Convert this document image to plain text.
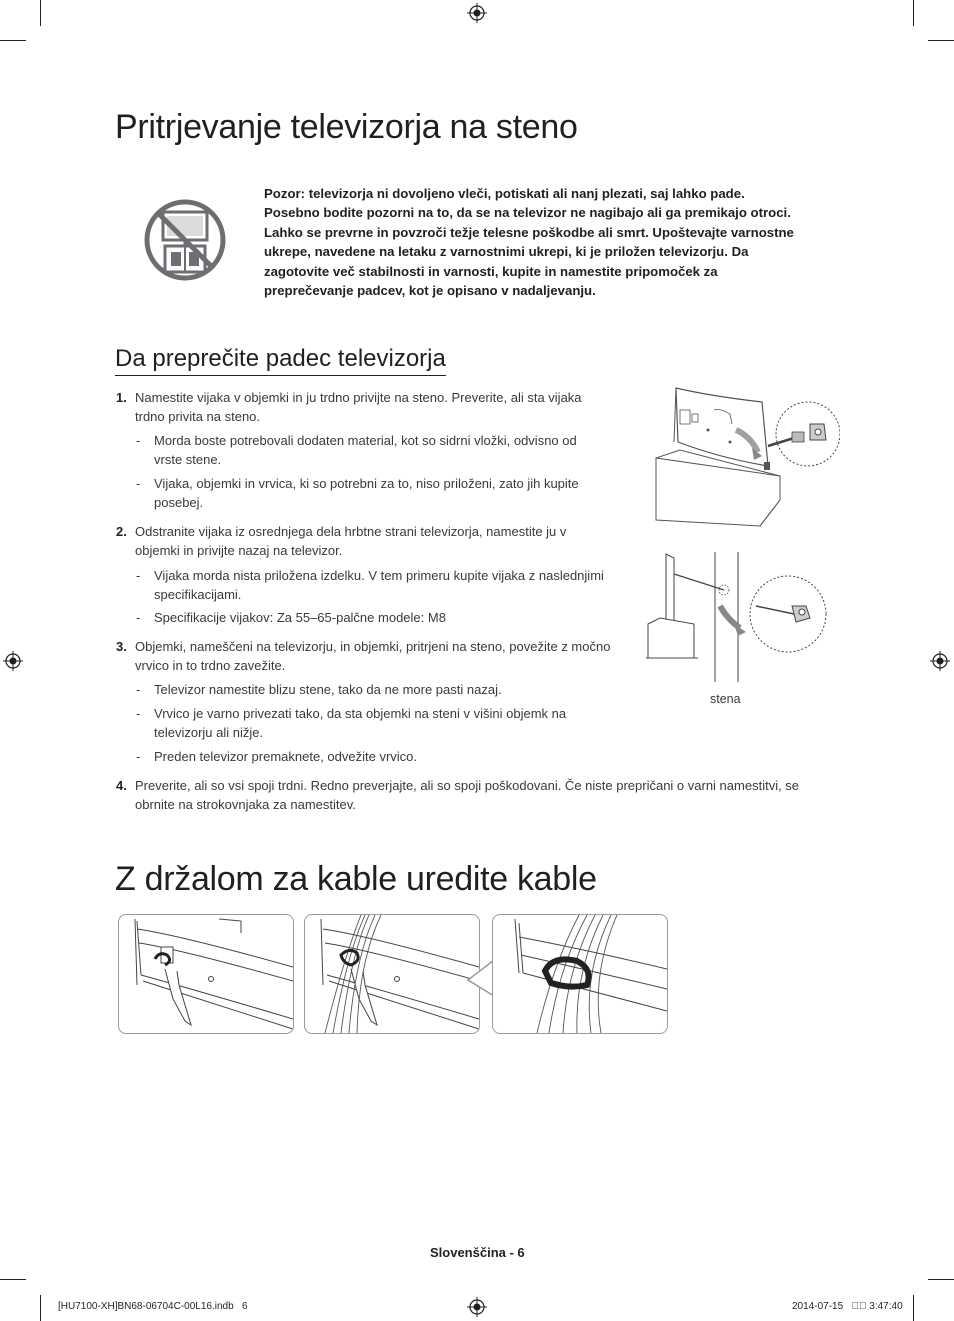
Pritrjevanje televizorja na steno
Pozor: televizorja ni dovoljeno vleči, potiskati ali nanj plezati, saj lahko pade. Posebno bodite pozorni na to, da se na televizor ne nagibajo ali ga premikajo otroci. Lahko se prevrne in povzroči težje telesne poškodbe ali smrt. Upoštevajte varnostne ukrepe, navedene na letaku z varnostnimi ukrepi, ki je priložen televizorju. Da zagotovite več stabilnosti in varnosti, kupite in namestite pripomoček za preprečevanje padcev, kot je opisano v nadaljevanju.
Da preprečite padec televizorja
1. Namestite vijaka v objemki in ju trdno privijte na steno. Preverite, ali sta vijaka trdno privita na steno.
- Morda boste potrebovali dodaten material, kot so sidrni vložki, odvisno od vrste stene.
- Vijaka, objemki in vrvica, ki so potrebni za to, niso priloženi, zato jih kupite posebej.
2. Odstranite vijaka iz osrednjega dela hrbtne strani televizorja, namestite ju v objemki in privijte nazaj na televizor.
- Vijaka morda nista priložena izdelku. V tem primeru kupite vijaka z naslednjimi specifikacijami.
- Specifikacije vijakov: Za 55–65-palčne modele: M8
3. Objemki, nameščeni na televizorju, in objemki, pritrjeni na steno, povežite z močno vrvico in to trdno zavežite.
- Televizor namestite blizu stene, tako da ne more pasti nazaj.
- Vrvico je varno privezati tako, da sta objemki na steni v višini objemk na televizorju ali nižje.
- Preden televizor premaknete, odvežite vrvico.
4. Preverite, ali so vsi spoji trdni. Redno preverjajte, ali so spoji poškodovani. Če niste prepričani o varni namestitvi, se obrnite na strokovnjaka za namestitev.
stena
Z držalom za kable uredite kable
Slovenščina - 6
[HU7100-XH]BN68-06704C-00L16.indb   6	2014-07-15   ￿￿ 3:47:40
